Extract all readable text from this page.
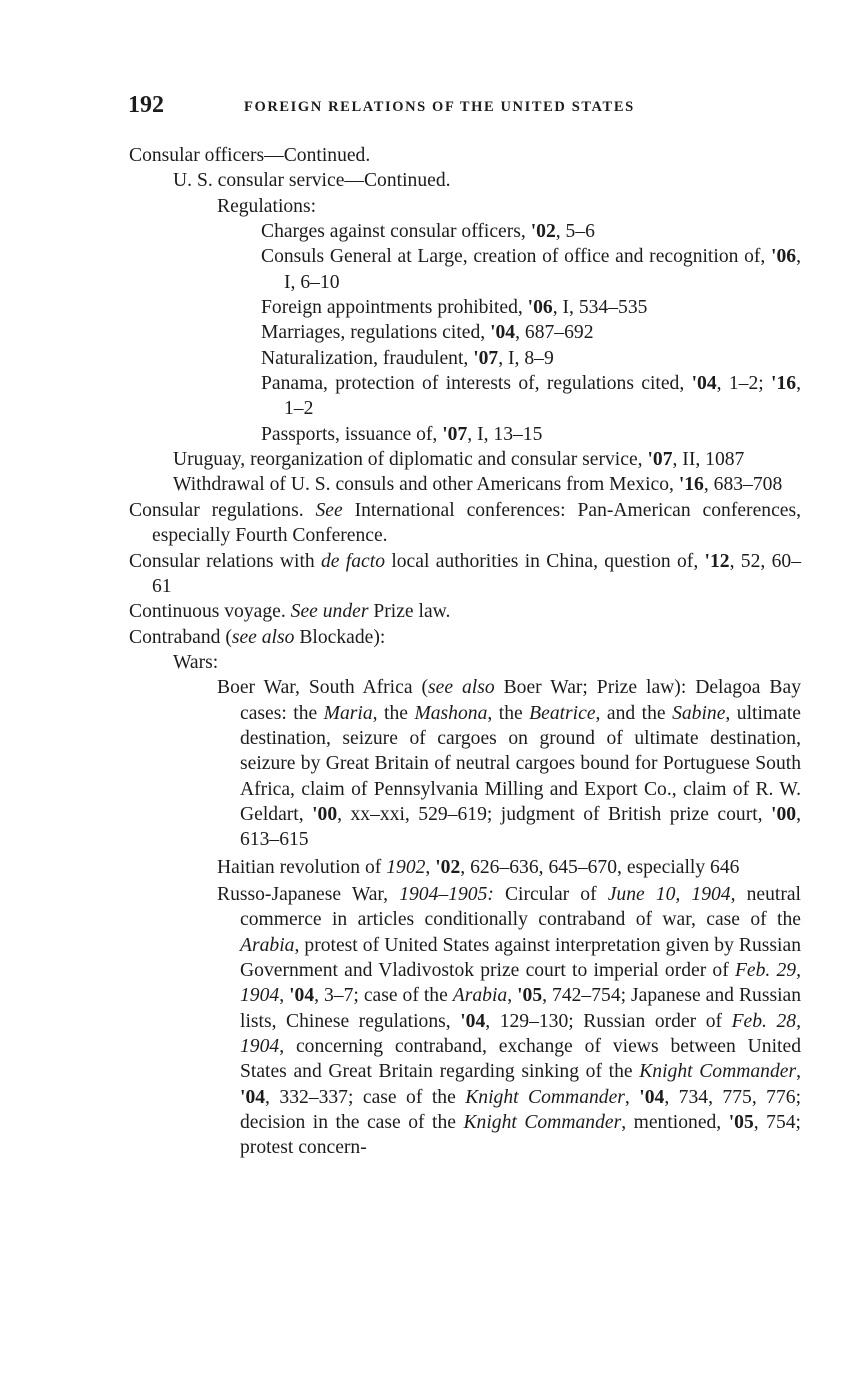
192	FOREIGN RELATIONS OF THE UNITED STATES
Consular officers—Continued.
U. S. consular service—Continued.
Regulations:
Charges against consular officers, '02, 5–6
Consuls General at Large, creation of office and recognition of, '06, I, 6–10
Foreign appointments prohibited, '06, I, 534–535
Marriages, regulations cited, '04, 687–692
Naturalization, fraudulent, '07, I, 8–9
Panama, protection of interests of, regulations cited, '04, 1–2; '16, 1–2
Passports, issuance of, '07, I, 13–15
Uruguay, reorganization of diplomatic and consular service, '07, II, 1087
Withdrawal of U. S. consuls and other Americans from Mexico, '16, 683–708
Consular regulations. See International conferences: Pan-American conferences, especially Fourth Conference.
Consular relations with de facto local authorities in China, question of, '12, 52, 60–61
Continuous voyage. See under Prize law.
Contraband (see also Blockade):
Wars:
Boer War, South Africa (see also Boer War; Prize law): Delagoa Bay cases: the Maria, the Mashona, the Beatrice, and the Sabine, ultimate destination, seizure of cargoes on ground of ultimate destination, seizure by Great Britain of neutral cargoes bound for Portuguese South Africa, claim of Pennsylvania Milling and Export Co., claim of R. W. Geldart, '00, xx–xxi, 529–619; judgment of British prize court, '00, 613–615
Haitian revolution of 1902, '02, 626–636, 645–670, especially 646
Russo-Japanese War, 1904–1905: Circular of June 10, 1904, neutral commerce in articles conditionally contraband of war, case of the Arabia, protest of United States against interpretation given by Russian Government and Vladivostok prize court to imperial order of Feb. 29, 1904, '04, 3–7; case of the Arabia, '05, 742–754; Japanese and Russian lists, Chinese regulations, '04, 129–130; Russian order of Feb. 28, 1904, concerning contraband, exchange of views between United States and Great Britain regarding sinking of the Knight Commander, '04, 332–337; case of the Knight Commander, '04, 734, 775, 776; decision in the case of the Knight Commander, mentioned, '05, 754; protest concern-
